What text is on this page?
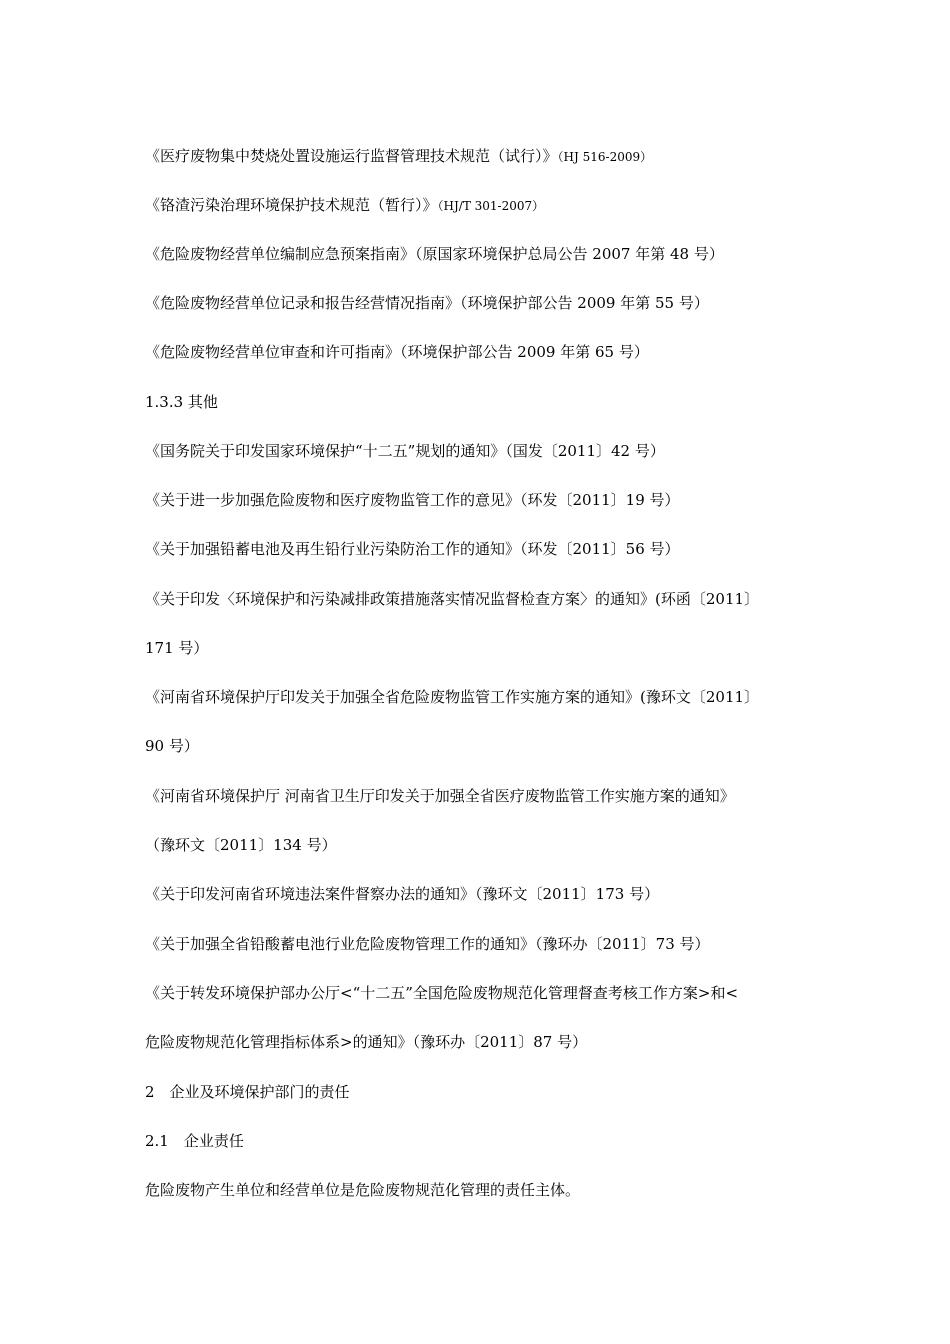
《医疗废物集中焚烧处置设施运行监督管理技术规范（试行）》（HJ 516-2009）
《铬渣污染治理环境保护技术规范（暂行）》（HJ/T 301-2007）
《危险废物经营单位编制应急预案指南》（原国家环境保护总局公告 2007 年第 48 号）
《危险废物经营单位记录和报告经营情况指南》（环境保护部公告 2009 年第 55 号）
《危险废物经营单位审查和许可指南》（环境保护部公告 2009 年第 65 号）
1.3.3 其他
《国务院关于印发国家环境保护“十二五”规划的通知》（国发〔2011〕42 号）
《关于进一步加强危险废物和医疗废物监管工作的意见》（环发〔2011〕19 号）
《关于加强铅蓄电池及再生铅行业污染防治工作的通知》（环发〔2011〕56 号）
《关于印发〈环境保护和污染减排政策措施落实情况监督检查方案〉的通知》(环函〔2011〕
171 号）
《河南省环境保护厅印发关于加强全省危险废物监管工作实施方案的通知》(豫环文〔2011〕
90 号）
《河南省环境保护厅 河南省卫生厅印发关于加强全省医疗废物监管工作实施方案的通知》
（豫环文〔2011〕134 号）
《关于印发河南省环境违法案件督察办法的通知》（豫环文〔2011〕173 号）
《关于加强全省铅酸蓄电池行业危险废物管理工作的通知》（豫环办〔2011〕73 号）
《关于转发环境保护部办公厅<“十二五”全国危险废物规范化管理督查考核工作方案>和<
危险废物规范化管理指标体系>的通知》（豫环办〔2011〕87 号）
2　企业及环境保护部门的责任
2.1　企业责任
危险废物产生单位和经营单位是危险废物规范化管理的责任主体。
